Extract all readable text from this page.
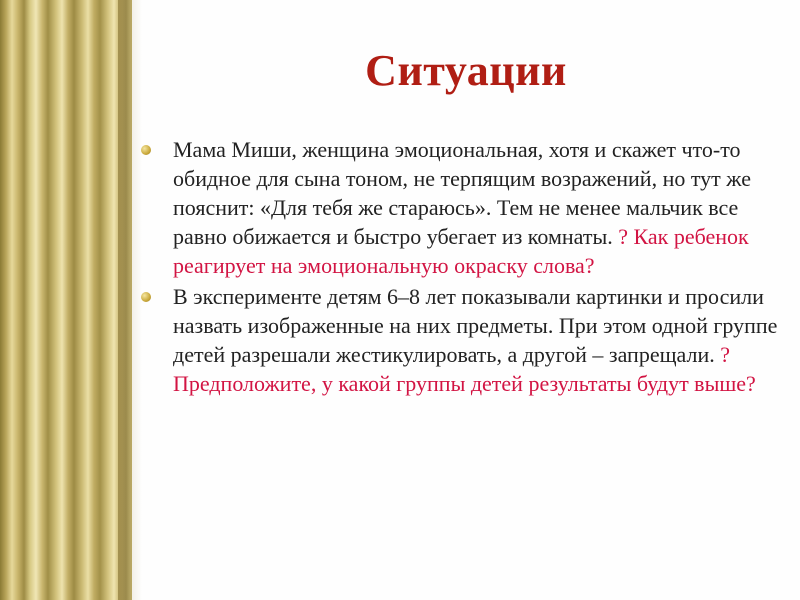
Ситуации
Мама Миши, женщина эмоциональная, хотя и скажет что-то обидное для сына тоном, не терпящим возражений, но тут же пояснит: «Для тебя же стараюсь». Тем не менее мальчик все равно обижается и быстро убегает из комнаты. ? Как ребенок реагирует на эмоциональную окраску слова?
В эксперименте детям 6–8 лет показывали картинки и просили назвать изображенные на них предметы. При этом одной группе детей разрешали жестикулировать, а другой – запрещали. ? Предположите, у какой группы детей результаты будут выше?
